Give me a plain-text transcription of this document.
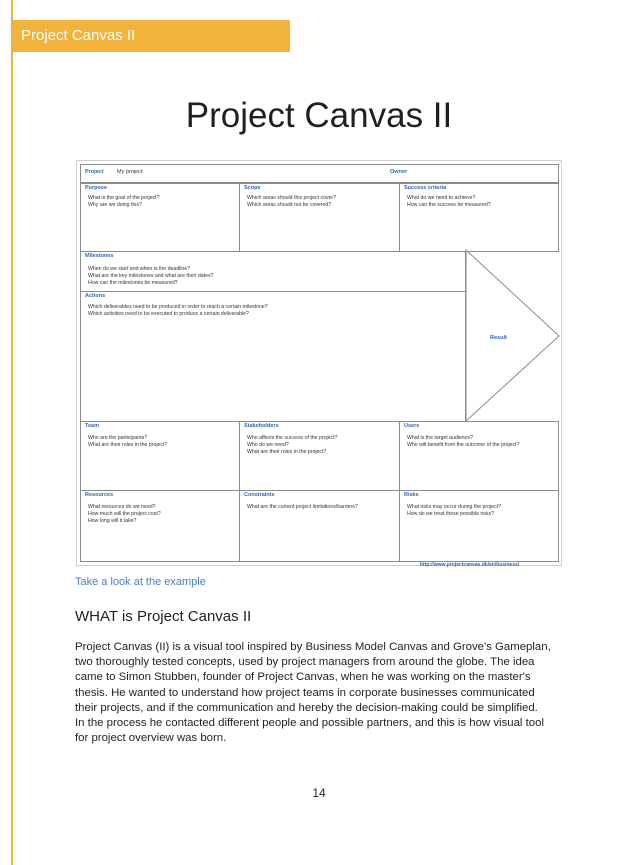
Project Canvas II
Project Canvas II
Project My project	Owner
Purpose
What is the goal of the project?
Why are we doing this?
Scope
Which areas should this project cover?
Which areas should not be covered?
Success criteria
What do we need to achieve?
How can the success be measured?
Milestones
When do we start and when is the deadline?
What are the key milestones and what are their dates?
How can the milestones be measured?
Actions
Which deliverables need to be produced in order to reach a certain milestone?
Which activities need to be executed to produce a certain deliverable?
Result
Team
Who are the participants?
What are their roles in the project?
Stakeholders
Who affects the success of the project?
Who do we need?
What are their roles in the project?
Users
What is the target audience?
Who will benefit from the outcome of the project?
Resources
What resources do we need?
How much will the project cost?
How long will it take?
Constraints
What are the current project limitations/barriers?
Risks
What risks may occur during the project?
How do we treat these possible risks?
http://www.projectcanvas.dk/en/business/
Take a look at the example
WHAT is Project Canvas II
Project Canvas (II) is a visual tool inspired by Business Model Canvas and Grove's Gameplan,
two thoroughly tested concepts, used by project managers from around the globe. The idea
came to Simon Stubben, founder of Project Canvas, when he was working on the master's
thesis. He wanted to understand how project teams in corporate businesses communicated
their projects, and if the communication and hereby the decision-making could be simplified.
In the process he contacted different people and possible partners, and this is how visual tool
for project overview was born.
14
